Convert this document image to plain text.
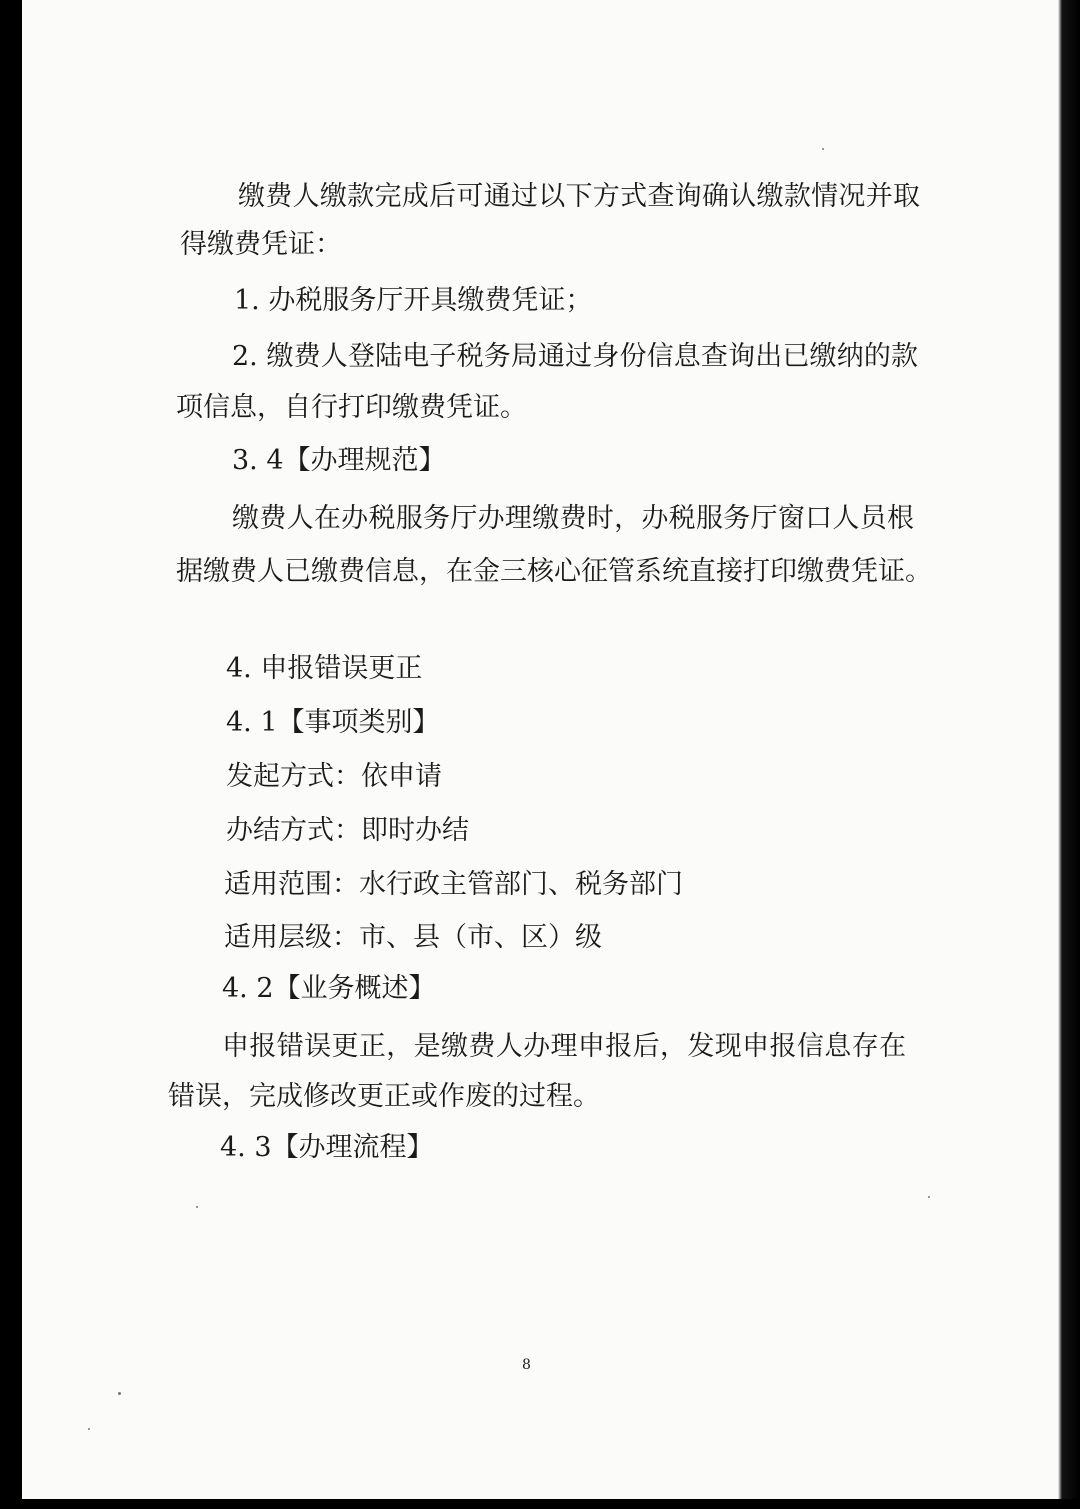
缴费人缴款完成后可通过以下方式查询确认缴款情况并取

得缴费凭证：

1. 办税服务厅开具缴费凭证；

2. 缴费人登陆电子税务局通过身份信息查询出已缴纳的款

项信息，自行打印缴费凭证。

3. 4【办理规范】

缴费人在办税服务厅办理缴费时，办税服务厅窗口人员根

据缴费人已缴费信息，在金三核心征管系统直接打印缴费凭证。

4. 申报错误更正

4. 1【事项类别】

发起方式：依申请

办结方式：即时办结

适用范围：水行政主管部门、税务部门

适用层级：市、县（市、区）级

4. 2【业务概述】

申报错误更正，是缴费人办理申报后，发现申报信息存在

错误，完成修改更正或作废的过程。

4. 3【办理流程】

8
